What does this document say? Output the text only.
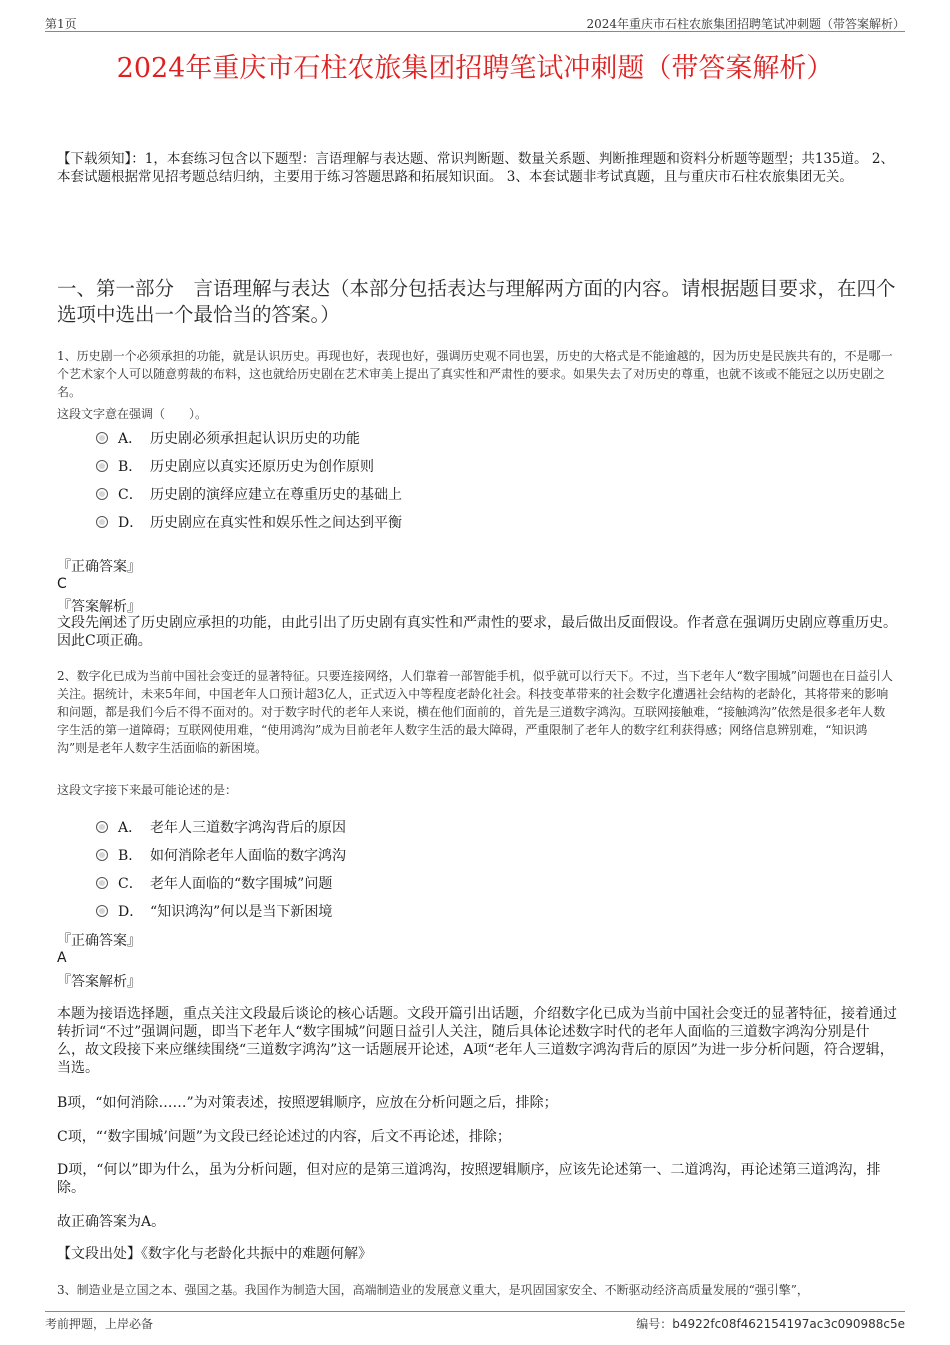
第1页	2024年重庆市石柱农旅集团招聘笔试冲刺题（带答案解析）
2024年重庆市石柱农旅集团招聘笔试冲刺题（带答案解析）
【下载须知】：1，本套练习包含以下题型：言语理解与表达题、常识判断题、数量关系题、判断推理题和资料分析题等题型；共135道。 2、本套试题根据常见招考题总结归纳，主要用于练习答题思路和拓展知识面。 3、本套试题非考试真题，且与重庆市石柱农旅集团无关。
一、第一部分　言语理解与表达（本部分包括表达与理解两方面的内容。请根据题目要求，在四个选项中选出一个最恰当的答案。）
1、历史剧一个必须承担的功能，就是认识历史。再现也好，表现也好，强调历史观不同也罢，历史的大格式是不能逾越的，因为历史是民族共有的，不是哪一个艺术家个人可以随意剪裁的布料，这也就给历史剧在艺术审美上提出了真实性和严肃性的要求。如果失去了对历史的尊重，也就不该或不能冠之以历史剧之名。
这段文字意在强调（　　）。
A． 历史剧必须承担起认识历史的功能
B． 历史剧应以真实还原历史为创作原则
C． 历史剧的演绎应建立在尊重历史的基础上
D． 历史剧应在真实性和娱乐性之间达到平衡
『正确答案』
C
『答案解析』
文段先阐述了历史剧应承担的功能，由此引出了历史剧有真实性和严肃性的要求，最后做出反面假设。作者意在强调历史剧应尊重历史。因此C项正确。
2、数字化已成为当前中国社会变迁的显著特征。只要连接网络，人们靠着一部智能手机，似乎就可以行天下。不过，当下老年人“数字围城”问题也在日益引人关注。据统计，未来5年间，中国老年人口预计超3亿人，正式迈入中等程度老龄化社会。科技变革带来的社会数字化遭遇社会结构的老龄化，其将带来的影响和问题，都是我们今后不得不面对的。对于数字时代的老年人来说，横在他们面前的，首先是三道数字鸿沟。互联网接触难，“接触鸿沟”依然是很多老年人数字生活的第一道障碍；互联网使用难，“使用鸿沟”成为目前老年人数字生活的最大障碍，严重限制了老年人的数字红利获得感；网络信息辨别难，“知识鸿沟”则是老年人数字生活面临的新困境。
这段文字接下来最可能论述的是：
A． 老年人三道数字鸿沟背后的原因
B． 如何消除老年人面临的数字鸿沟
C． 老年人面临的“数字围城”问题
D． “知识鸿沟”何以是当下新困境
『正确答案』
A
『答案解析』
本题为接语选择题，重点关注文段最后谈论的核心话题。文段开篇引出话题，介绍数字化已成为当前中国社会变迁的显著特征，接着通过转折词“不过”强调问题，即当下老年人“数字围城”问题日益引人关注，随后具体论述数字时代的老年人面临的三道数字鸿沟分别是什么，故文段接下来应继续围绕“三道数字鸿沟”这一话题展开论述，A项“老年人三道数字鸿沟背后的原因”为进一步分析问题，符合逻辑，当选。
B项，“如何消除……”为对策表述，按照逻辑顺序，应放在分析问题之后，排除；
C项，“‘数字围城’问题”为文段已经论述过的内容，后文不再论述，排除；
D项，“何以”即为什么，虽为分析问题，但对应的是第三道鸿沟，按照逻辑顺序，应该先论述第一、二道鸿沟，再论述第三道鸿沟，排除。
故正确答案为A。
【文段出处】《数字化与老龄化共振中的难题何解》
3、制造业是立国之本、强国之基。我国作为制造大国，高端制造业的发展意义重大，是巩固国家安全、不断驱动经济高质量发展的“强引擎”，
考前押题，上岸必备	编号：b4922fc08f462154197ac3c090988c5e
